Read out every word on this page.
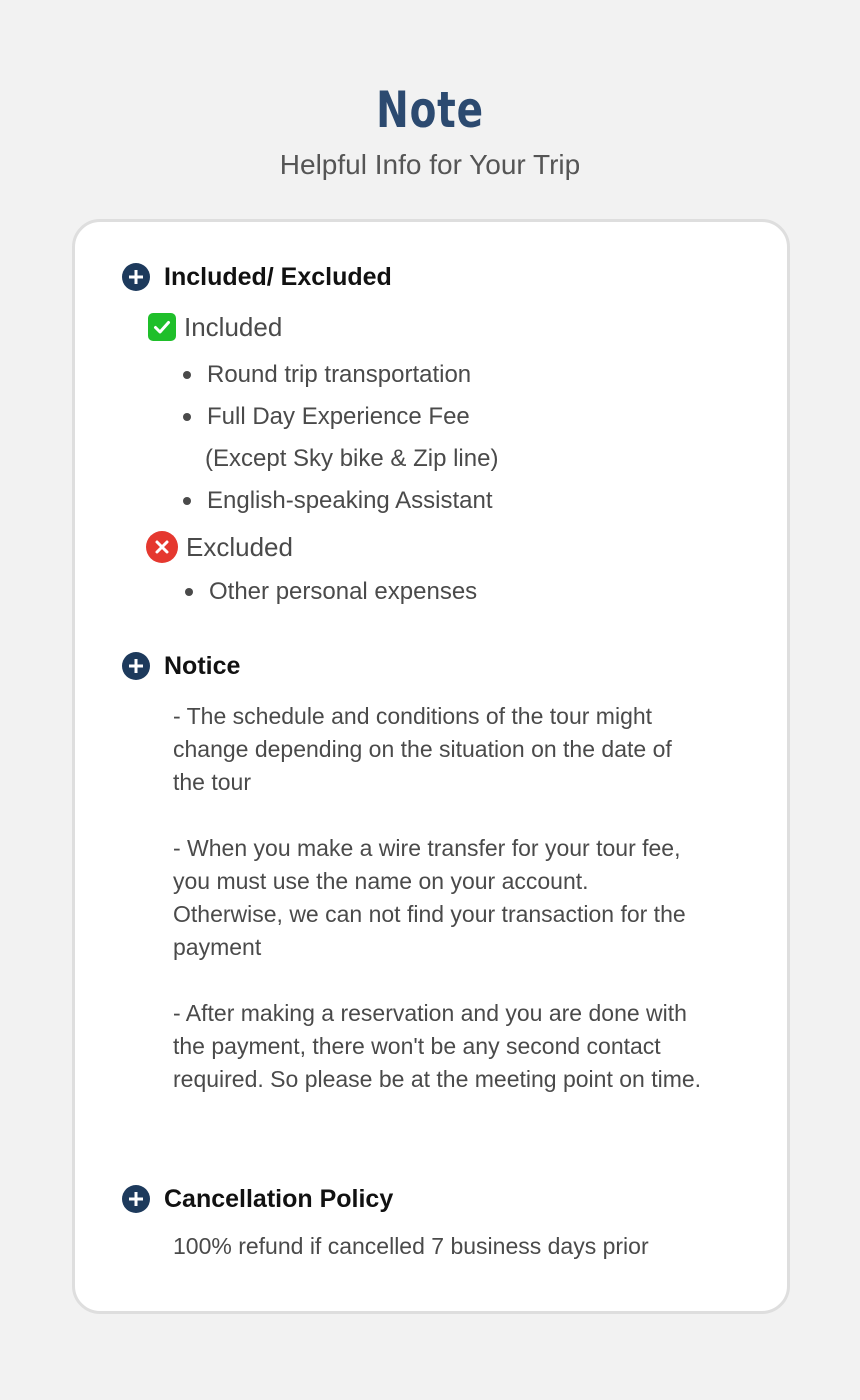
Note
Helpful Info for Your Trip
Included/ Excluded
Included
Round trip transportation
Full Day Experience Fee
(Except Sky bike & Zip line)
English-speaking Assistant
Excluded
Other personal expenses
Notice
- The schedule and conditions of the tour might change depending on the situation on the date of the tour
- When you make a wire transfer for your tour fee, you must use the name on your account. Otherwise, we can not find your transaction for the payment
- After making a reservation and you are done with the payment, there won't be any second contact required. So please be at the meeting point on time.
Cancellation Policy
100% refund if cancelled 7 business days prior
